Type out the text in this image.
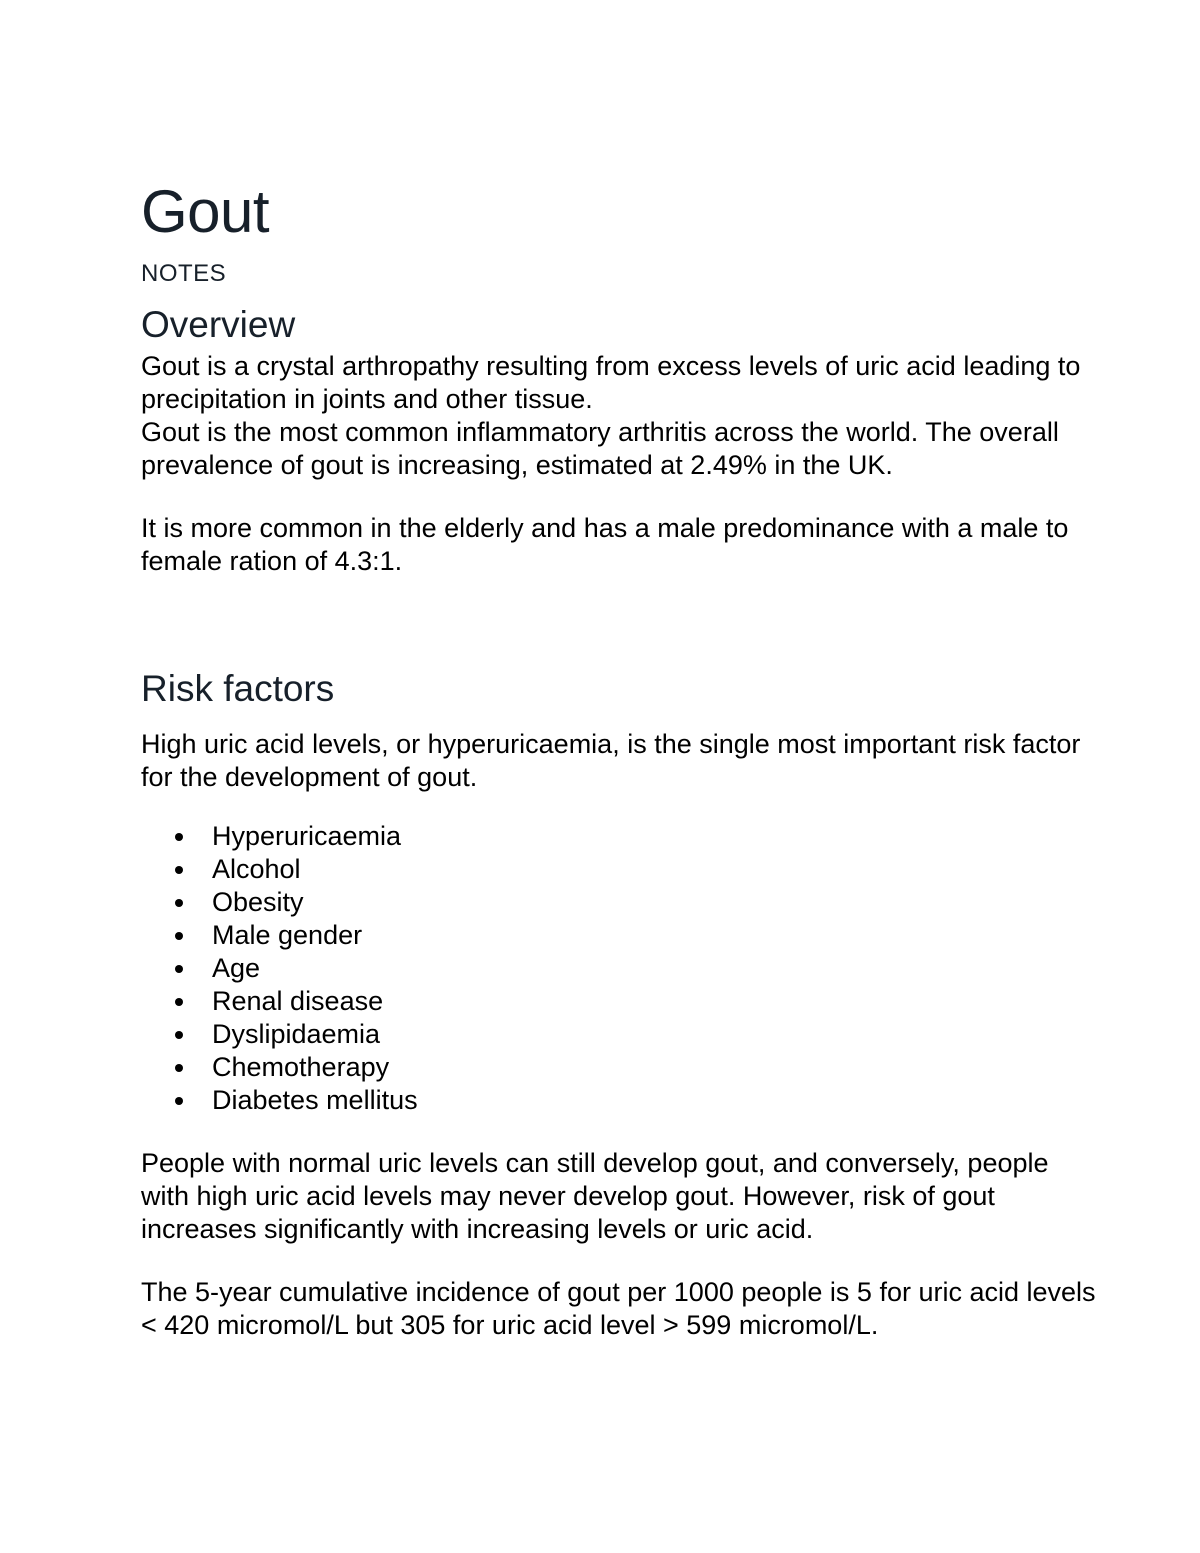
Gout
NOTES
Overview

Gout is a crystal arthropathy resulting from excess levels of uric acid leading to precipitation in joints and other tissue.

Gout is the most common inflammatory arthritis across the world. The overall prevalence of gout is increasing, estimated at 2.49% in the UK.

It is more common in the elderly and has a male predominance with a male to female ration of 4.3:1.

Risk factors

High uric acid levels, or hyperuricaemia, is the single most important risk factor for the development of gout.

Hyperuricaemia
Alcohol
Obesity
Male gender
Age
Renal disease
Dyslipidaemia
Chemotherapy
Diabetes mellitus

People with normal uric levels can still develop gout, and conversely, people with high uric acid levels may never develop gout. However, risk of gout increases significantly with increasing levels or uric acid.

The 5-year cumulative incidence of gout per 1000 people is 5 for uric acid levels < 420 micromol/L but 305 for uric acid level > 599 micromol/L.
